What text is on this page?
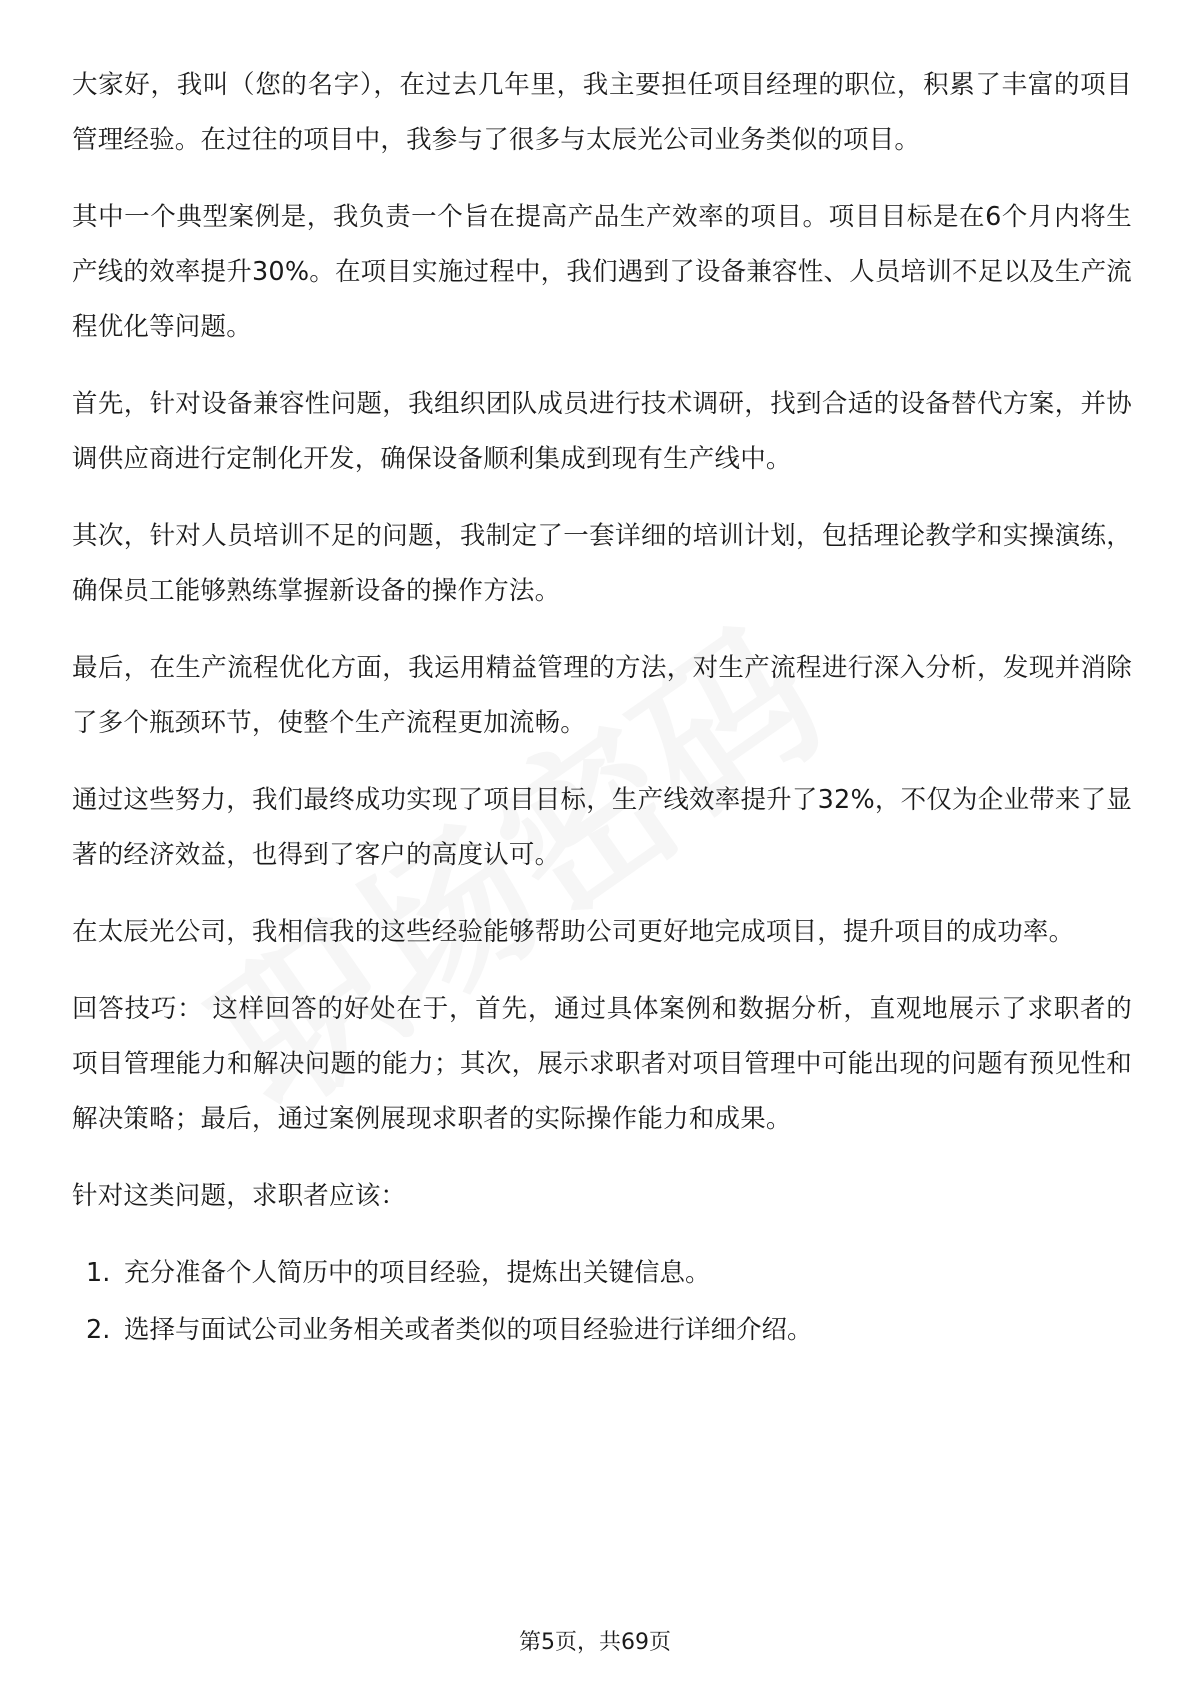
大家好，我叫（您的名字），在过去几年里，我主要担任项目经理的职位，积累了丰富的项目管理经验。在过往的项目中，我参与了很多与太辰光公司业务类似的项目。

其中一个典型案例是，我负责一个旨在提高产品生产效率的项目。项目目标是在6个月内将生产线的效率提升30%。在项目实施过程中，我们遇到了设备兼容性、人员培训不足以及生产流程优化等问题。

首先，针对设备兼容性问题，我组织团队成员进行技术调研，找到合适的设备替代方案，并协调供应商进行定制化开发，确保设备顺利集成到现有生产线中。

其次，针对人员培训不足的问题，我制定了一套详细的培训计划，包括理论教学和实操演练，确保员工能够熟练掌握新设备的操作方法。

最后，在生产流程优化方面，我运用精益管理的方法，对生产流程进行深入分析，发现并消除了多个瓶颈环节，使整个生产流程更加流畅。

通过这些努力，我们最终成功实现了项目目标，生产线效率提升了32%，不仅为企业带来了显著的经济效益，也得到了客户的高度认可。

在太辰光公司，我相信我的这些经验能够帮助公司更好地完成项目，提升项目的成功率。

回答技巧： 这样回答的好处在于，首先，通过具体案例和数据分析，直观地展示了求职者的项目管理能力和解决问题的能力；其次，展示求职者对项目管理中可能出现的问题有预见性和解决策略；最后，通过案例展现求职者的实际操作能力和成果。

针对这类问题，求职者应该：

1. 充分准备个人简历中的项目经验，提炼出关键信息。
2. 选择与面试公司业务相关或者类似的项目经验进行详细介绍。
第5页，共69页
